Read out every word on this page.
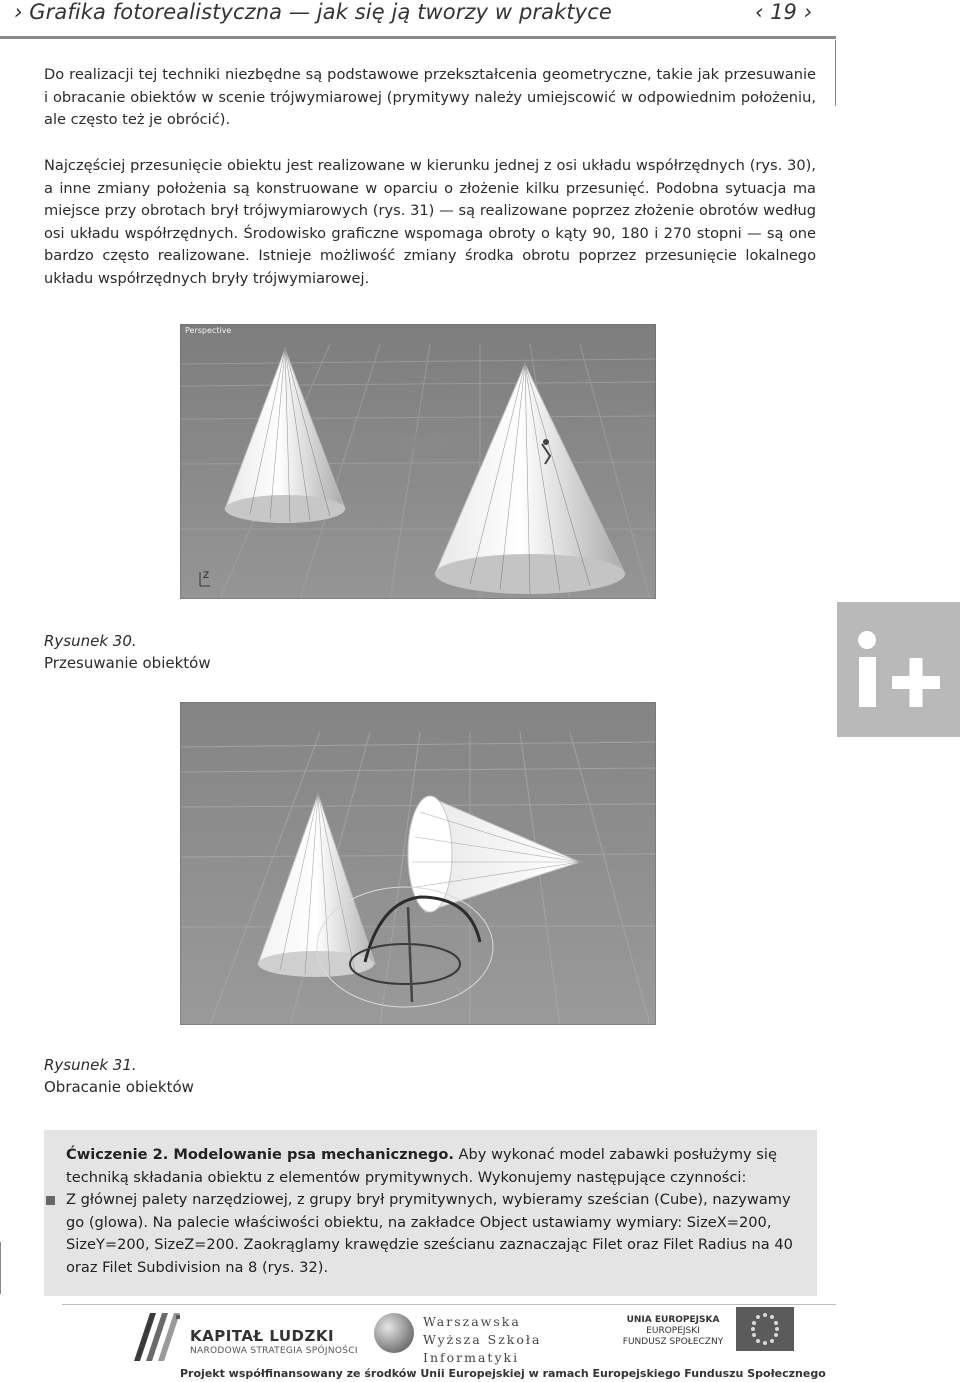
› Grafika fotorealistyczna — jak się ją tworzy w praktyce	‹ 19 ›

Do realizacji tej techniki niezbędne są podstawowe przekształcenia geometryczne, takie jak przesuwanie i obracanie obiektów w scenie trójwymiarowej (prymitywy należy umiejscowić w odpowiednim położeniu, ale często też je obrócić).

Najczęściej przesunięcie obiektu jest realizowane w kierunku jednej z osi układu współrzędnych (rys. 30), a inne zmiany położenia są konstruowane w oparciu o złożenie kilku przesunięć. Podobna sytuacja ma miejsce przy obrotach brył trójwymiarowych (rys. 31) — są realizowane poprzez złożenie obrotów według osi układu współrzędnych. Środowisko graficzne wspomaga obroty o kąty 90, 180 i 270 stopni — są one bardzo często realizowane. Istnieje możliwość zmiany środka obrotu poprzez przesunięcie lokalnego układu współrzędnych bryły trójwymiarowej.

Perspective
Z
Rysunek 30.
Przesuwanie obiektów
Rysunek 31.
Obracanie obiektów
Ćwiczenie 2. Modelowanie psa mechanicznego. Aby wykonać model zabawki posłużymy się techniką składania obiektu z elementów prymitywnych. Wykonujemy następujące czynności:
Z głównej palety narzędziowej, z grupy brył prymitywnych, wybieramy sześcian (Cube), nazywamy go (glowa). Na palecie właściwości obiektu, na zakładce Object ustawiamy wymiary: SizeX=200, SizeY=200, SizeZ=200. Zaokrąglamy krawędzie sześcianu zaznaczając Filet oraz Filet Radius na 40 oraz Filet Subdivision na 8 (rys. 32).
KAPITAŁ LUDZKI
NARODOWA STRATEGIA SPÓJNOŚCI
Warszawska
Wyższa Szkoła
Informatyki
UNIA EUROPEJSKA
EUROPEJSKI
FUNDUSZ SPOŁECZNY
Projekt współfinansowany ze środków Unii Europejskiej w ramach Europejskiego Funduszu Społecznego
